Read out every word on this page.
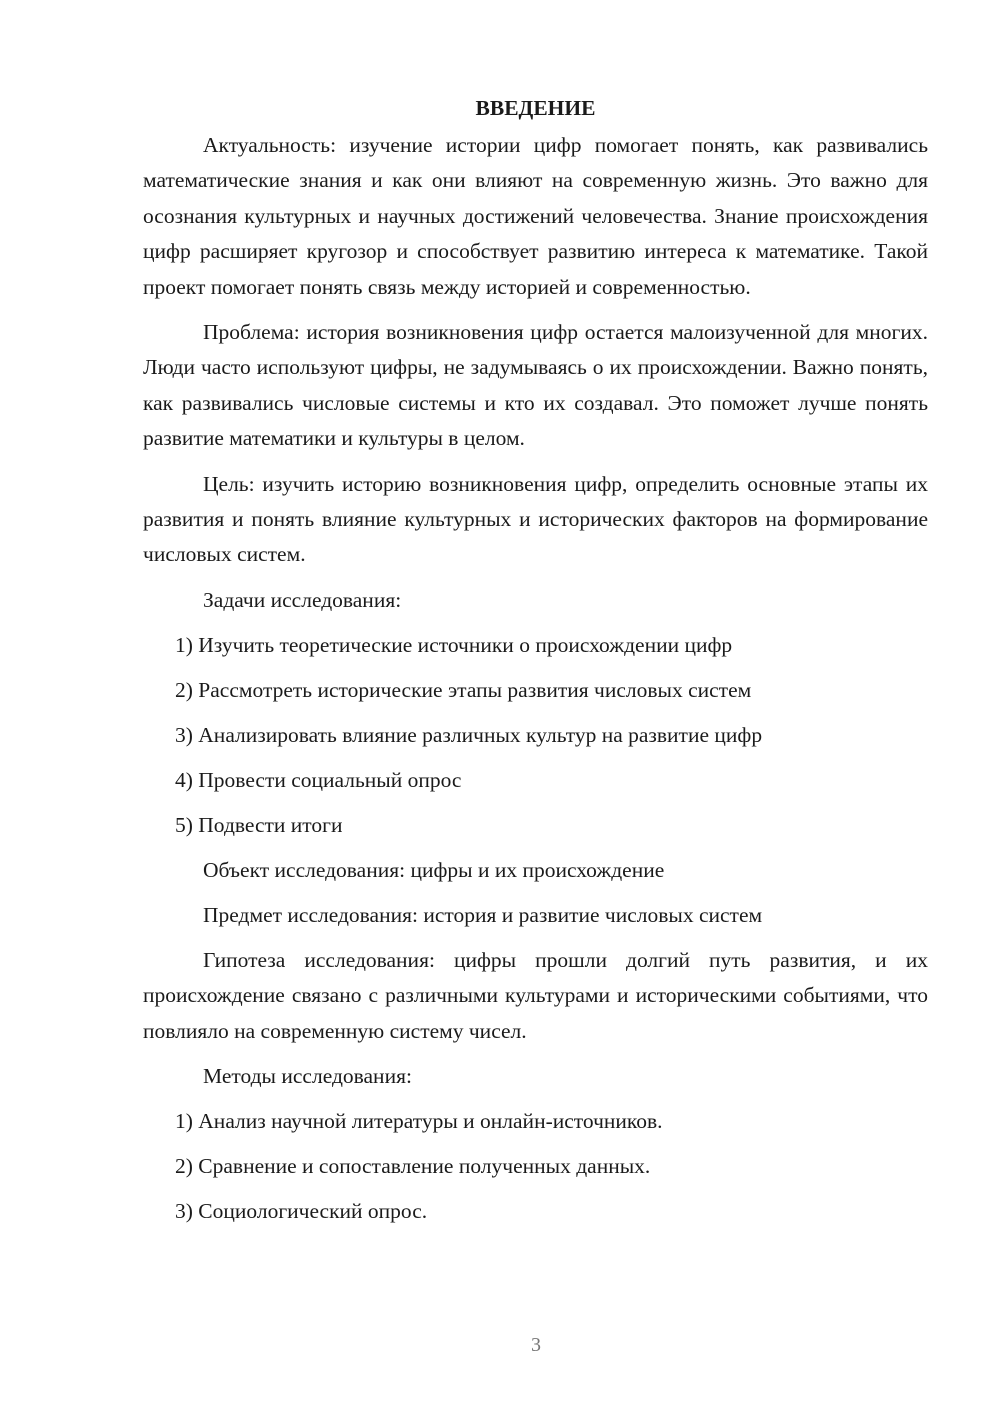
ВВЕДЕНИЕ

Актуальность: изучение истории цифр помогает понять, как развивались математические знания и как они влияют на современную жизнь. Это важно для осознания культурных и научных достижений человечества. Знание происхождения цифр расширяет кругозор и способствует развитию интереса к математике. Такой проект помогает понять связь между историей и современностью.

Проблема: история возникновения цифр остается малоизученной для многих. Люди часто используют цифры, не задумываясь о их происхождении. Важно понять, как развивались числовые системы и кто их создавал. Это поможет лучше понять развитие математики и культуры в целом.

Цель: изучить историю возникновения цифр, определить основные этапы их развития и понять влияние культурных и исторических факторов на формирование числовых систем.

Задачи исследования:
1) Изучить теоретические источники о происхождении цифр
2) Рассмотреть исторические этапы развития числовых систем
3) Анализировать влияние различных культур на развитие цифр
4) Провести социальный опрос
5) Подвести итоги
Объект исследования: цифры и их происхождение
Предмет исследования: история и развитие числовых систем

Гипотеза исследования: цифры прошли долгий путь развития, и их происхождение связано с различными культурами и историческими событиями, что повлияло на современную систему чисел.

Методы исследования:
1) Анализ научной литературы и онлайн-источников.
2) Сравнение и сопоставление полученных данных.
3) Социологический опрос.
3
